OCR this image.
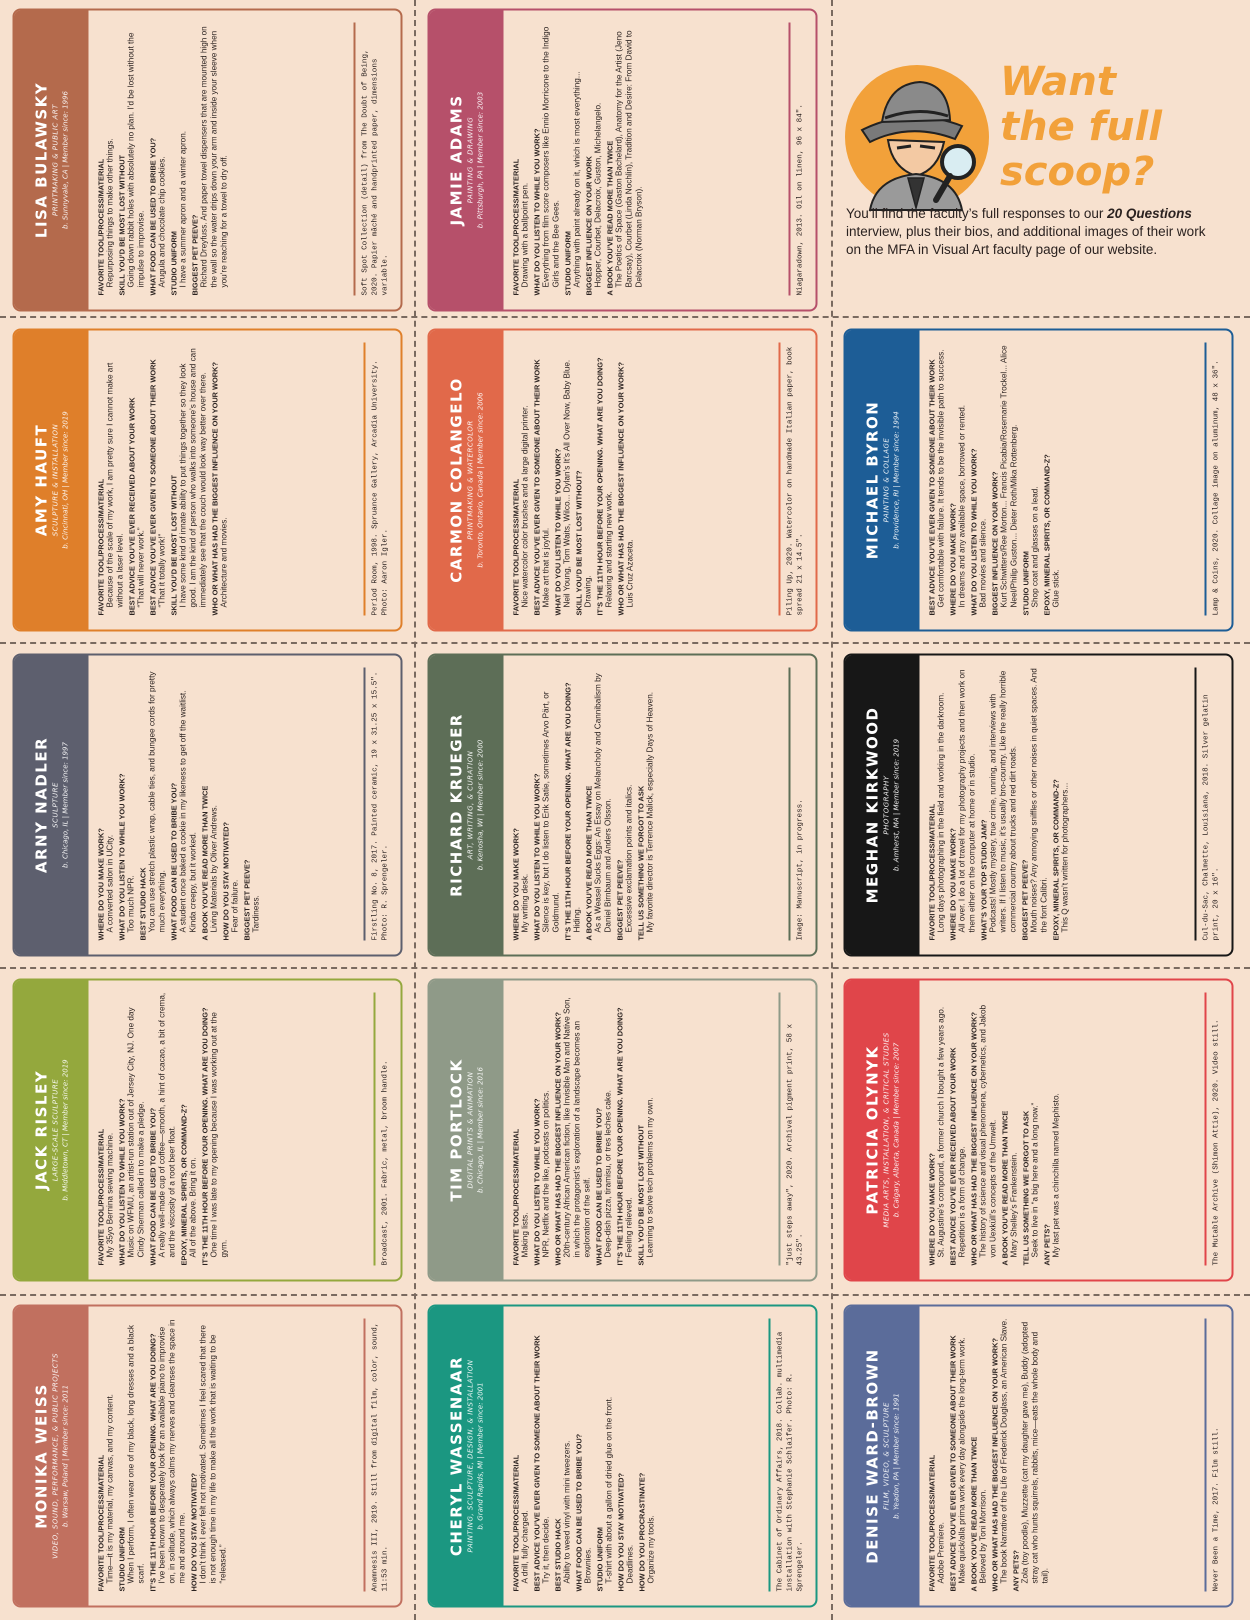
Want
the full
scoop?
You’ll find the faculty’s full responses to our 20 Questions interview, plus their bios, and additional images of their work on the MFA in Visual Art faculty page of our website.
MONIKA WEISS VIDEO, SOUND, PERFORMANCE, & PUBLIC PROJECTS b. Warsaw, Poland | Member since: 2011	FAVORITE TOOL/PROCESS/MATERIAL Time—it is my material, my canvas, and my content. STUDIO UNIFORM When I perform, I often wear one of my black, long dresses and a black scarf. IT’S THE 11TH HOUR BEFORE YOUR OPENING. WHAT ARE YOU DOING? I’ve been known to desperately look for an available piano to improvise on, in solitude, which always calms my nerves and cleanses the space in me and around me. HOW DO YOU STAY MOTIVATED? I don’t think I ever felt not motivated. Sometimes I feel scared that there is not enough time in my life to make all the work that is waiting to be “released.”	Anamnesis III, 2019. Still from digital film, color, sound, 11:53 min.
JACK RISLEY LARGE-SCALE SCULPTURE b. Middletown, CT | Member since: 2019	FAVORITE TOOL/PROCESS/MATERIAL My 35yo Bernina sewing machine. WHAT DO YOU LISTEN TO WHILE YOU WORK? Music on WFMU, an artist-run station out of Jersey City, NJ. One day Cindy Sherman called in to make a pledge. WHAT FOOD CAN BE USED TO BRIBE YOU? A really well-made cup of coffee—smooth, a hint of cacao, a bit of crema, and the viscosity of a root beer float. EPOXY, MINERAL SPIRITS, OR COMMAND-Z? All of the above. Bring it on. IT’S THE 11TH HOUR BEFORE YOUR OPENING. WHAT ARE YOU DOING? One time I was late to my opening because I was working out at the gym.	Broadcast, 2001. Fabric, metal, broom handle.
ARNY NADLER SCULPTURE b. Chicago, IL | Member since: 1997
WHERE DO YOU MAKE WORK? A converted salon in UCity. WHAT DO YOU LISTEN TO WHILE YOU WORK? Too much NPR. BEST STUDIO HACK You can use stretch plastic wrap, cable ties, and bungee cords for pretty much everything. WHAT FOOD CAN BE USED TO BRIBE YOU? A student once baked a cookie in my likeness to get off the waitlist. Kinda creepy, but it worked. A BOOK YOU’VE READ MORE THAN TWICE Living Materials by Oliver Andrews. HOW DO YOU STAY MOTIVATED? Fear of failure. BIGGEST PET PEEVE? Tardiness.	Firstling No. 8, 2017. Painted ceramic, 19 x 31.25 x 15.5". Photo: R. Sprengeler.
AMY HAUFT SCULPTURE & INSTALLATION b. Cincinnati, OH | Member since: 2019	FAVORITE TOOL/PROCESS/MATERIAL Because of the scale of my work, I am pretty sure I cannot make art without a laser level. BEST ADVICE YOU’VE EVER RECEIVED ABOUT YOUR WORK “That will never work.” BEST ADVICE YOU’VE EVER GIVEN TO SOMEONE ABOUT THEIR WORK “That it totally work!” SKILL YOU’D BE MOST LOST WITHOUT I have some kind of innate ability to put things together so they look good. I am the kind of person who walks into someone’s house and can immediately see that the couch would look way better over there. WHO OR WHAT HAS HAD THE BIGGEST INFLUENCE ON YOUR WORK? Architecture and movies.	Period Room, 1998. Spruance Gallery, Arcadia University. Photo: Aaron Igler.
LISA BULAWSKY PRINTMAKING & PUBLIC ART b. Sunnyvale, CA | Member since: 1996	FAVORITE TOOL/PROCESS/MATERIAL Repurposing things to make other things. SKILL YOU’D BE MOST LOST WITHOUT Going down rabbit holes with absolutely no plan. I’d be lost without the impulse to improvise. WHAT FOOD CAN BE USED TO BRIBE YOU? Arugula and chocolate chip cookies. STUDIO UNIFORM I have a summer apron and a winter apron. BIGGEST PET PEEVE? Richard Dreyfuss. And paper towel dispensers that are mounted high on the wall so the water drips down your arm and inside your sleeve when you’re reaching for a towel to dry off.	Soft Spot Collection (detail) from The Doubt of Being, 2020. Papier mâché and handprinted paper, dimensions variable.
CHERYL WASSENAAR PAINTING, SCULPTURE, DESIGN, & INSTALLATION b. Grand Rapids, MI | Member since: 2001	FAVORITE TOOL/PROCESS/MATERIAL A drill, fully charged. BEST ADVICE YOU’VE EVER GIVEN TO SOMEONE ABOUT THEIR WORK Try it, then decide. BEST STUDIO HACK Ability to weed vinyl with mini tweezers. WHAT FOOD CAN BE USED TO BRIBE YOU? Brownies. STUDIO UNIFORM T-shirt with about a gallon of dried glue on the front. HOW DO YOU STAY MOTIVATED? Deadlines. HOW DO YOU PROCRASTINATE? Organize my tools.	The Cabinet of Ordinary Affairs, 2018. Collab. multimedia installation with Stephanie Schlaifer. Photo: R. Sprengeler.
TIM PORTLOCK DIGITAL PRINTS & ANIMATION b. Chicago, IL | Member since: 2016	FAVORITE TOOL/PROCESS/MATERIAL Making lists. WHAT DO YOU LISTEN TO WHILE YOU WORK? NPR, Netflix and the like, podcasts on politics. WHO OR WHAT HAS HAD THE BIGGEST INFLUENCE ON YOUR WORK? 20th-century African American fiction, like Invisible Man and Native Son, in which the protagonist’s exploration of a landscape becomes an exploration of the self. WHAT FOOD CAN BE USED TO BRIBE YOU? Deep-dish pizza, tiramisu, or tres leches cake. IT’S THE 11TH HOUR BEFORE YOUR OPENING. WHAT ARE YOU DOING? Feeling relieved. SKILL YOU’D BE MOST LOST WITHOUT Learning to solve tech problems on my own.	"just steps away", 2020. Archival pigment print, 58 x 43.25".
RICHARD KRUEGER ART, WRITING, & CURATION b. Kenosha, WI | Member since: 2000
WHERE DO YOU MAKE WORK? My writing desk. WHAT DO YOU LISTEN TO WHILE YOU WORK? Silence is key, but I do listen to Erik Satie, sometimes Arvo Pärt, or Goldmund. IT’S THE 11TH HOUR BEFORE YOUR OPENING. WHAT ARE YOU DOING? Hiding. A BOOK YOU’VE READ MORE THAN TWICE As a Weasel Sucks Eggs: An Essay on Melancholy and Cannibalism by Daniel Birnbaum and Anders Olsson. BIGGEST PET PEEVE? Excessive exclamation points and italics. TELL US SOMETHING WE FORGOT TO ASK My favorite director is Terrence Malick, especially Days of Heaven.	Image: Manuscript, in progress.
CARMON COLANGELO PRINTMAKING & WATERCOLOR b. Toronto, Ontario, Canada | Member since: 2006	FAVORITE TOOL/PROCESS/MATERIAL Nice watercolor color brushes and a large digital printer. BEST ADVICE YOU’VE EVER GIVEN TO SOMEONE ABOUT THEIR WORK Make art that is joyful. WHAT DO YOU LISTEN TO WHILE YOU WORK? Neil Young, Tom Waits, Wilco... Dylan’s It’s All Over Now, Baby Blue. SKILL YOU’D BE MOST LOST WITHOUT? Drawing. IT’S THE 11TH HOUR BEFORE YOUR OPENING. WHAT ARE YOU DOING? Relaxing and starting new work. WHO OR WHAT HAS HAD THE BIGGEST INFLUENCE ON YOUR WORK? Luis Cruz Azaceta.	Piling Up, 2020. Watercolor on handmade Italian paper, book spread 21 x 14.5".
JAMIE ADAMS PAINTING & DRAWING b. Pittsburgh, PA | Member since: 2003	FAVORITE TOOL/PROCESS/MATERIAL Drawing with a ballpoint pen. WHAT DO YOU LISTEN TO WHILE YOU WORK? Everything from film score composers like Ennio Morricone to the Indigo Girls and the Bee Gees. STUDIO UNIFORM Anything with paint already on it, which is most everything... BIGGEST INFLUENCE ON YOUR WORK Hopper, Courbet, Delacroix, Guston, Michelangelo. A BOOK YOU’VE READ MORE THAN TWICE The Poetics of Space (Gaston Bachelard), Anatomy for the Artist (Jeno Barcsay), Courbet (Linda Nochlin), Tradition and Desire: From David to Delacroix (Norman Bryson).	Niagaradown, 2013. Oil on linen, 96 x 84".
DENISE WARD-BROWN FILM, VIDEO, & SCULPTURE b. Yeadon, PA | Member since: 1991	FAVORITE TOOL/PROCESS/MATERIAL Adobe Premiere. BEST ADVICE YOU’VE EVER GIVEN TO SOMEONE ABOUT THEIR WORK Make quick/alla prima work every day alongside the long-term work. A BOOK YOU’VE READ MORE THAN TWICE Beloved by Toni Morrison. WHO OR WHAT HAS HAD THE BIGGEST INFLUENCE ON YOUR WORK? The book Narrative of the Life of Frederick Douglass, an American Slave. ANY PETS? Zola (toy poodle), Muzzette (cat my daughter gave me), Buddy (adopted stray cat who hunts squirrels, rabbits, mice—eats the whole body and tail).	Never Been a Time, 2017. Film still.
PATRICIA OLYNYK MEDIA ARTS, INSTALLATION, & CRITICAL STUDIES b. Calgary, Alberta, Canada | Member since: 2007	WHERE DO YOU MAKE WORK? St. Augustine’s compound, a former church I bought a few years ago. BEST ADVICE YOU’VE EVER RECEIVED ABOUT YOUR WORK Repetition is a form of change. WHO OR WHAT HAS HAD THE BIGGEST INFLUENCE ON YOUR WORK? The history of science and visual phenomena, cybernetics, and Jakob von Uexküll’s concepts of the Umwelt. A BOOK YOU’VE READ MORE THAN TWICE Mary Shelley’s Frankenstein. TELL US SOMETHING WE FORGOT TO ASK Seek to live in “a big here and a long now.” ANY PETS? My last pet was a chinchilla named Mephisto.	The Mutable Archive (Shimon Attie), 2020. Video still.
MEGHAN KIRKWOOD PHOTOGRAPHY b. Amherst, MA | Member since: 2019	FAVORITE TOOL/PROCESS/MATERIAL Long days photographing in the field and working in the darkroom. WHERE DO YOU MAKE WORK? All over. I do a lot of travel for my photography projects and then work on them either on the computer at home or in studio. WHAT’S YOUR TOP STUDIO JAM? Podcasts! Mostly mystery, true crime, running, and interviews with writers. If I listen to music, it’s usually bro-country. Like the really horrible commercial country about trucks and red dirt roads. BIGGEST PET PEEVE? Mouth noises? Any annoying sniffles or other noises in quiet spaces. And the font Calibri. EPOXY, MINERAL SPIRITS, OR COMMAND-Z? This Q wasn’t written for photographers...	Cul-du-Sac, Chalmette, Louisiana, 2018. Silver gelatin print, 20 x 16".
MICHAEL BYRON PAINTING & COLLAGE b. Providence, RI | Member since: 1994	BEST ADVICE YOU’VE EVER GIVEN TO SOMEONE ABOUT THEIR WORK Get comfortable with failure. It tends to be the invisible path to success. WHERE DO YOU MAKE WORK? In dreams and any available space, borrowed or rented. WHAT DO YOU LISTEN TO WHILE YOU WORK? Bad movies and silence. BIGGEST INFLUENCE ON YOUR WORK? Kurt Schwitters/Ree Morton... Francis Picabia/Rosemarie Trockel... Alice Neel/Philip Guston... Dieter Roth/Mika Rottenberg. STUDIO UNIFORM Shop coat and glasses on a lead. EPOXY, MINERAL SPIRITS, OR COMMAND-Z? Glue stick.	Lamp & Coins, 2020. Collage image on aluminum, 48 x 36".
